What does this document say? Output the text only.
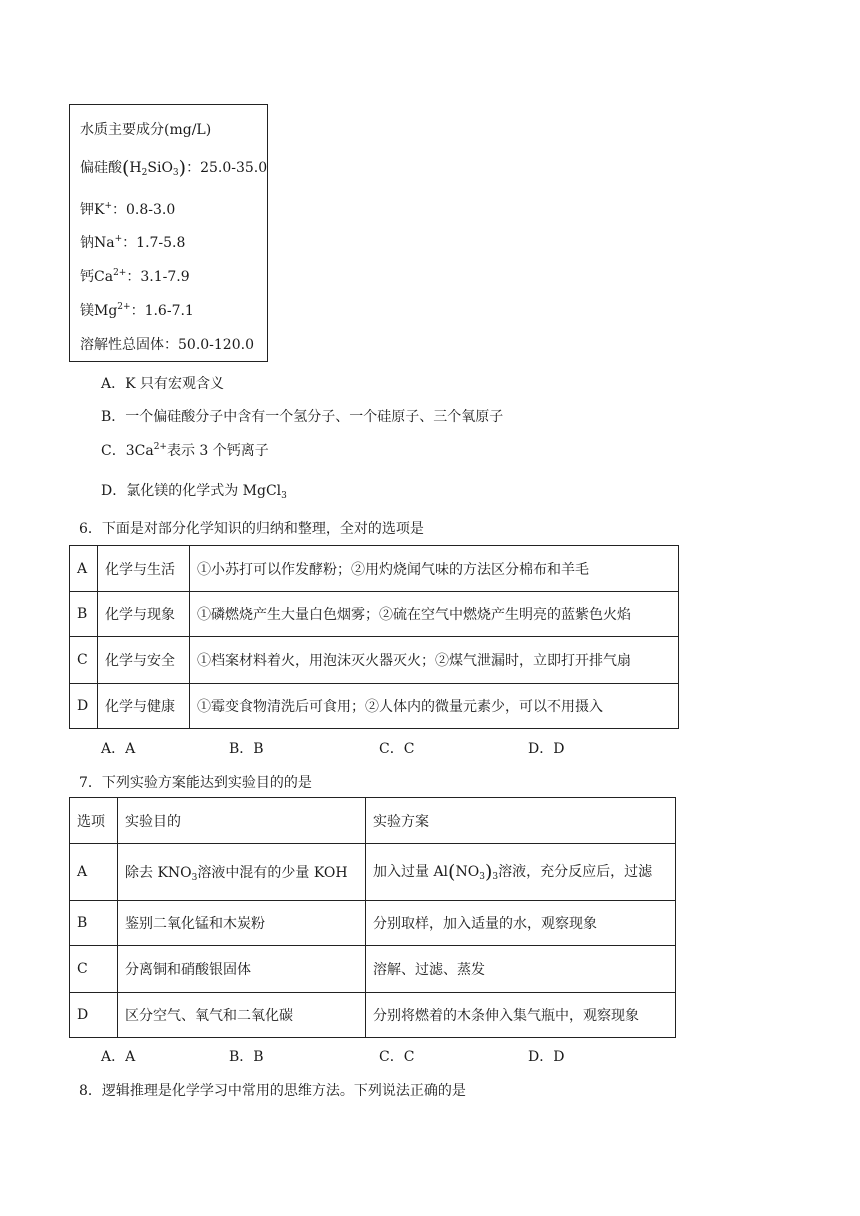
水质主要成分(mg/L)
偏硅酸$(H_2SiO_3)$：25.0-35.0
钾K+：0.8-3.0
钠Na+：1.7-5.8
钙$Ca^{2+}$：3.1-7.9
镁$Mg^{2+}$：1.6-7.1
溶解性总固体：50.0-120.0
A．K 只有宏观含义
B．一个偏硅酸分子中含有一个氢分子、一个硅原子、三个氧原子
C．$3Ca^{2+}$表示 3 个钙离子
D．氯化镁的化学式为 MgCl$_3$
6．下面是对部分化学知识的归纳和整理，全对的选项是
A	化学与生活	①小苏打可以作发酵粉；②用灼烧闻气味的方法区分棉布和羊毛
B	化学与现象	①磷燃烧产生大量白色烟雾；②硫在空气中燃烧产生明亮的蓝紫色火焰
C	化学与安全	①档案材料着火，用泡沫灭火器灭火；②煤气泄漏时，立即打开排气扇
D	化学与健康	①霉变食物清洗后可食用；②人体内的微量元素少，可以不用摄入
A．A	B．B	C．C	D．D
7．下列实验方案能达到实验目的的是
选项	实验目的	实验方案
A	除去 $KNO_3$溶液中混有的少量 KOH	加入过量 $Al(NO_3)_3$溶液，充分反应后，过滤
B	鉴别二氧化锰和木炭粉	分别取样，加入适量的水，观察现象
C	分离铜和硝酸银固体	溶解、过滤、蒸发
D	区分空气、氧气和二氧化碳	分别将燃着的木条伸入集气瓶中，观察现象
A．A	B．B	C．C	D．D
8．逻辑推理是化学学习中常用的思维方法。下列说法正确的是
